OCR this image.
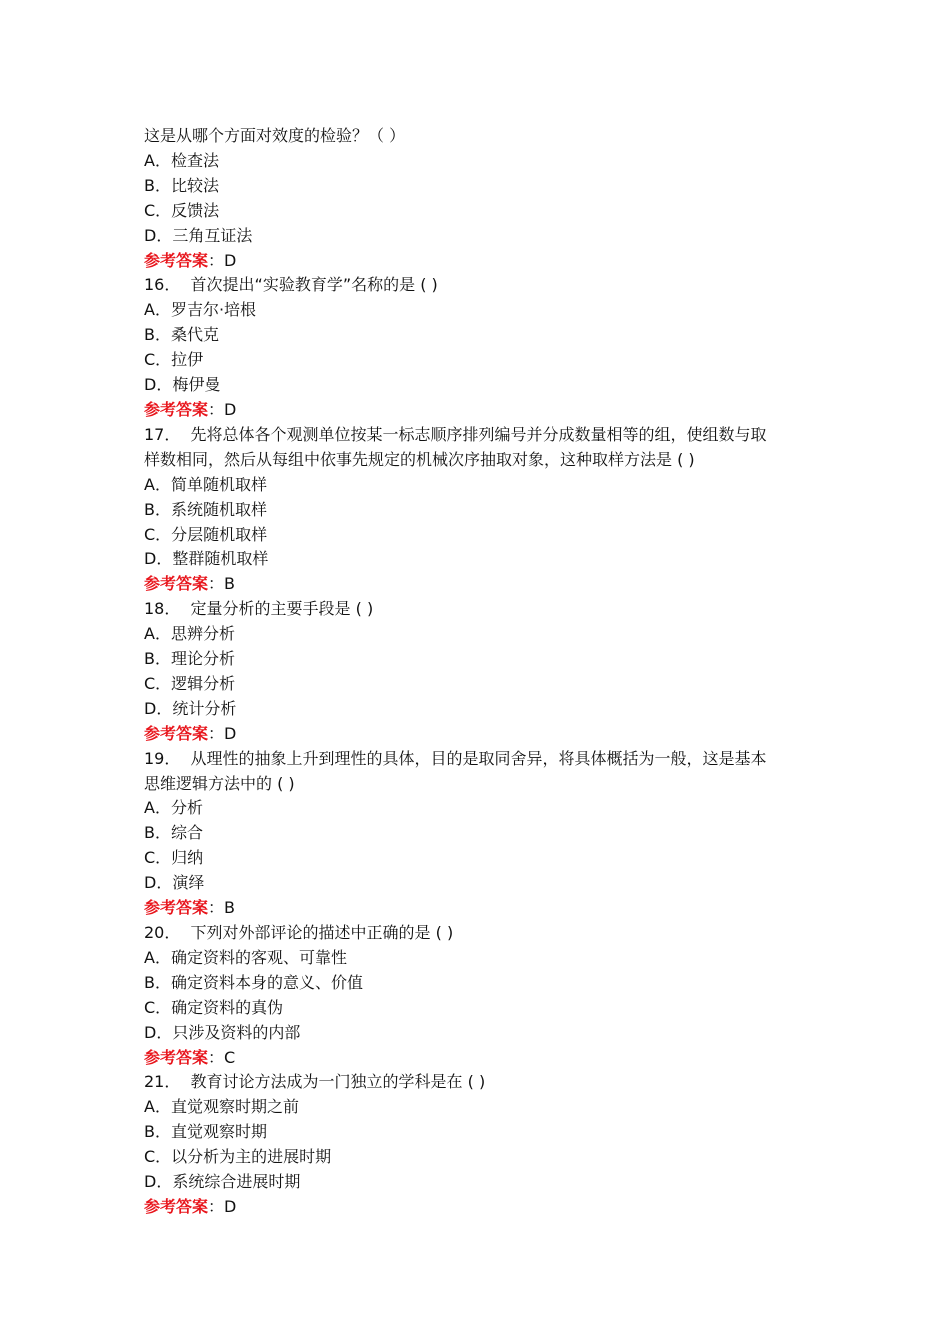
这是从哪个方面对效度的检验？（ ）
A．检查法
B．比较法
C．反馈法
D．三角互证法
参考答案：D
16． 首次提出“实验教育学”名称的是 ( )
A．罗吉尔·培根
B．桑代克
C．拉伊
D．梅伊曼
参考答案：D
17． 先将总体各个观测单位按某一标志顺序排列编号并分成数量相等的组，使组数与取
样数相同，然后从每组中依事先规定的机械次序抽取对象，这种取样方法是 ( )
A．简单随机取样
B．系统随机取样
C．分层随机取样
D．整群随机取样
参考答案：B
18． 定量分析的主要手段是 ( )
A．思辨分析
B．理论分析
C．逻辑分析
D．统计分析
参考答案：D
19． 从理性的抽象上升到理性的具体，目的是取同舍异，将具体概括为一般，这是基本
思维逻辑方法中的 ( )
A．分析
B．综合
C．归纳
D．演绎
参考答案：B
20． 下列对外部评论的描述中正确的是 ( )
A．确定资料的客观、可靠性
B．确定资料本身的意义、价值
C．确定资料的真伪
D．只涉及资料的内部
参考答案：C
21． 教育讨论方法成为一门独立的学科是在 ( )
A．直觉观察时期之前
B．直觉观察时期
C．以分析为主的进展时期
D．系统综合进展时期
参考答案：D
